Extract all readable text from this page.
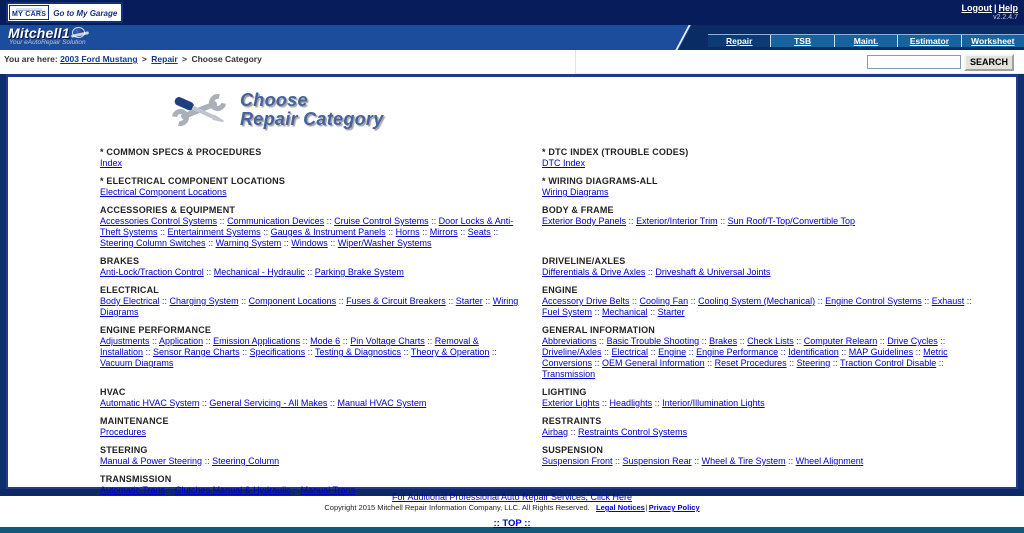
MY CARS Go to My Garage
Logout | Help
v2.2.4.7
Mitchell1
Your eAutoRepair Solution	Repair	TSB	Maint.	Estimator	Worksheet
You are here: 2003 Ford Mustang > Repair > Choose Category	SEARCH
Choose
Repair Category
* COMMON SPECS & PROCEDURES
Index
* ELECTRICAL COMPONENT LOCATIONS
Electrical Component Locations
ACCESSORIES & EQUIPMENT
Accessories Control Systems :: Communication Devices :: Cruise Control Systems :: Door Locks & Anti-Theft Systems :: Entertainment Systems :: Gauges & Instrument Panels :: Horns :: Mirrors :: Seats :: Steering Column Switches :: Warning System :: Windows :: Wiper/Washer Systems
BRAKES
Anti-Lock/Traction Control :: Mechanical - Hydraulic :: Parking Brake System
ELECTRICAL
Body Electrical :: Charging System :: Component Locations :: Fuses & Circuit Breakers :: Starter :: Wiring Diagrams
ENGINE PERFORMANCE
Adjustments :: Application :: Emission Applications :: Mode 6 :: Pin Voltage Charts :: Removal & Installation :: Sensor Range Charts :: Specifications :: Testing & Diagnostics :: Theory & Operation :: Vacuum Diagrams
HVAC
Automatic HVAC System :: General Servicing - All Makes :: Manual HVAC System
MAINTENANCE
Procedures
STEERING
Manual & Power Steering :: Steering Column
TRANSMISSION
Automatic Trans :: Clutches Manual & Hydraulic :: Manual Trans
* DTC INDEX (TROUBLE CODES)
DTC Index
* WIRING DIAGRAMS-ALL
Wiring Diagrams
BODY & FRAME
Exterior Body Panels :: Exterior/Interior Trim :: Sun Roof/T-Top/Convertible Top
DRIVELINE/AXLES
Differentials & Drive Axles :: Driveshaft & Universal Joints
ENGINE
Accessory Drive Belts :: Cooling Fan :: Cooling System (Mechanical) :: Engine Control Systems :: Exhaust :: Fuel System :: Mechanical :: Starter
GENERAL INFORMATION
Abbreviations :: Basic Trouble Shooting :: Brakes :: Check Lists :: Computer Relearn :: Drive Cycles :: Driveline/Axles :: Electrical :: Engine :: Engine Performance :: Identification :: MAP Guidelines :: Metric Conversions :: OEM General Information :: Reset Procedures :: Steering :: Traction Control Disable :: Transmission
LIGHTING
Exterior Lights :: Headlights :: Interior/Illumination Lights
RESTRAINTS
Airbag :: Restraints Control Systems
SUSPENSION
Suspension Front :: Suspension Rear :: Wheel & Tire System :: Wheel Alignment
For Additional Professional Auto Repair Services, Click Here
Copyright 2015 Mitchell Repair Information Company, LLC. All Rights Reserved. Legal Notices|Privacy Policy
:: TOP ::
